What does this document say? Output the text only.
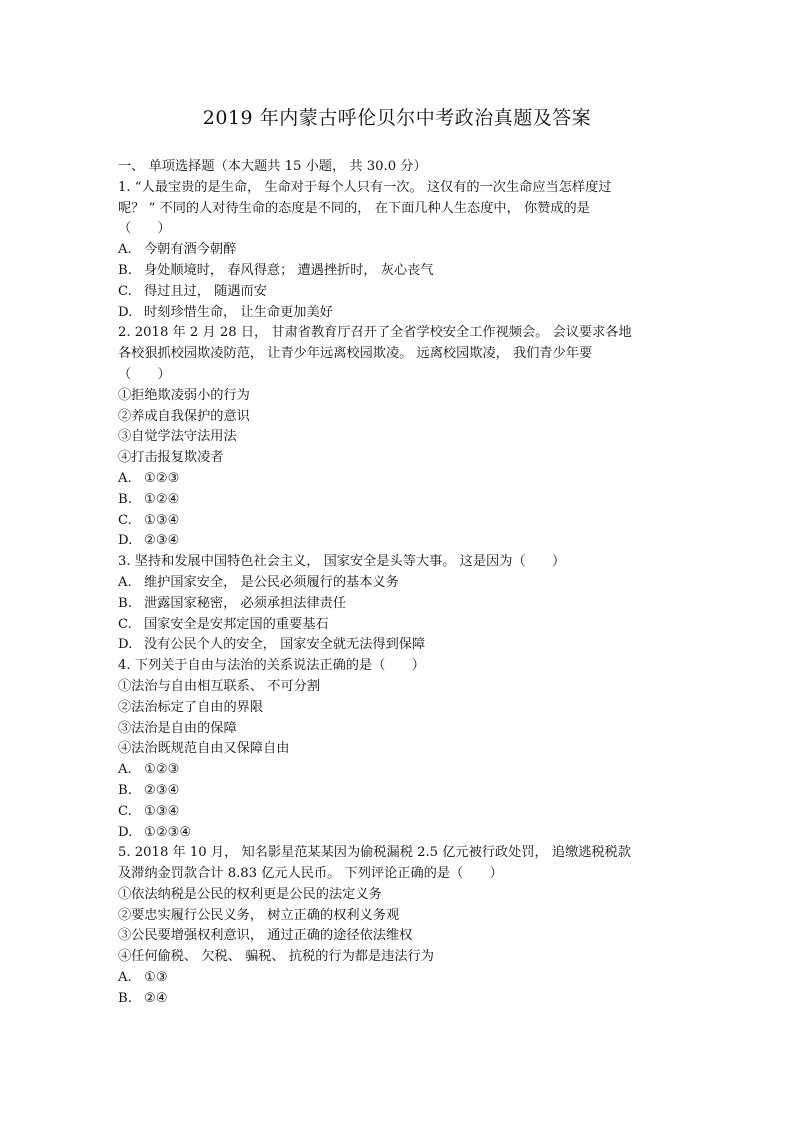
2019 年内蒙古呼伦贝尔中考政治真题及答案
一、 单项选择题（本大题共 15 小题， 共 30.0 分）
1. “人最宝贵的是生命， 生命对于每个人只有一次。 这仅有的一次生命应当怎样度过
呢？ ” 不同的人对待生命的态度是不同的， 在下面几种人生态度中， 你赞成的是
（　　）
A. 今朝有酒今朝醉
B. 身处顺境时， 春风得意； 遭遇挫折时， 灰心丧气
C. 得过且过， 随遇而安
D. 时刻珍惜生命， 让生命更加美好
2. 2018 年 2 月 28 日， 甘肃省教育厅召开了全省学校安全工作视频会。 会议要求各地
各校狠抓校园欺凌防范， 让青少年远离校园欺凌。 远离校园欺凌， 我们青少年要
（　　）
①拒绝欺凌弱小的行为
②养成自我保护的意识
③自觉学法守法用法
④打击报复欺凌者
A. ①②③
B. ①②④
C. ①③④
D. ②③④
3. 坚持和发展中国特色社会主义， 国家安全是头等大事。 这是因为（　　）
A. 维护国家安全， 是公民必须履行的基本义务
B. 泄露国家秘密， 必须承担法律责任
C. 国家安全是安邦定国的重要基石
D. 没有公民个人的安全， 国家安全就无法得到保障
4. 下列关于自由与法治的关系说法正确的是（　　）
①法治与自由相互联系、 不可分割
②法治标定了自由的界限
③法治是自由的保障
④法治既规范自由又保障自由
A. ①②③
B. ②③④
C. ①③④
D. ①②③④
5. 2018 年 10 月， 知名影星范某某因为偷税漏税 2.5 亿元被行政处罚， 追缴逃税税款
及滞纳金罚款合计 8.83 亿元人民币。 下列评论正确的是（　　）
①依法纳税是公民的权利更是公民的法定义务
②要忠实履行公民义务， 树立正确的权利义务观
③公民要增强权利意识， 通过正确的途径依法维权
④任何偷税、 欠税、 骗税、 抗税的行为都是违法行为
A. ①③
B. ②④
